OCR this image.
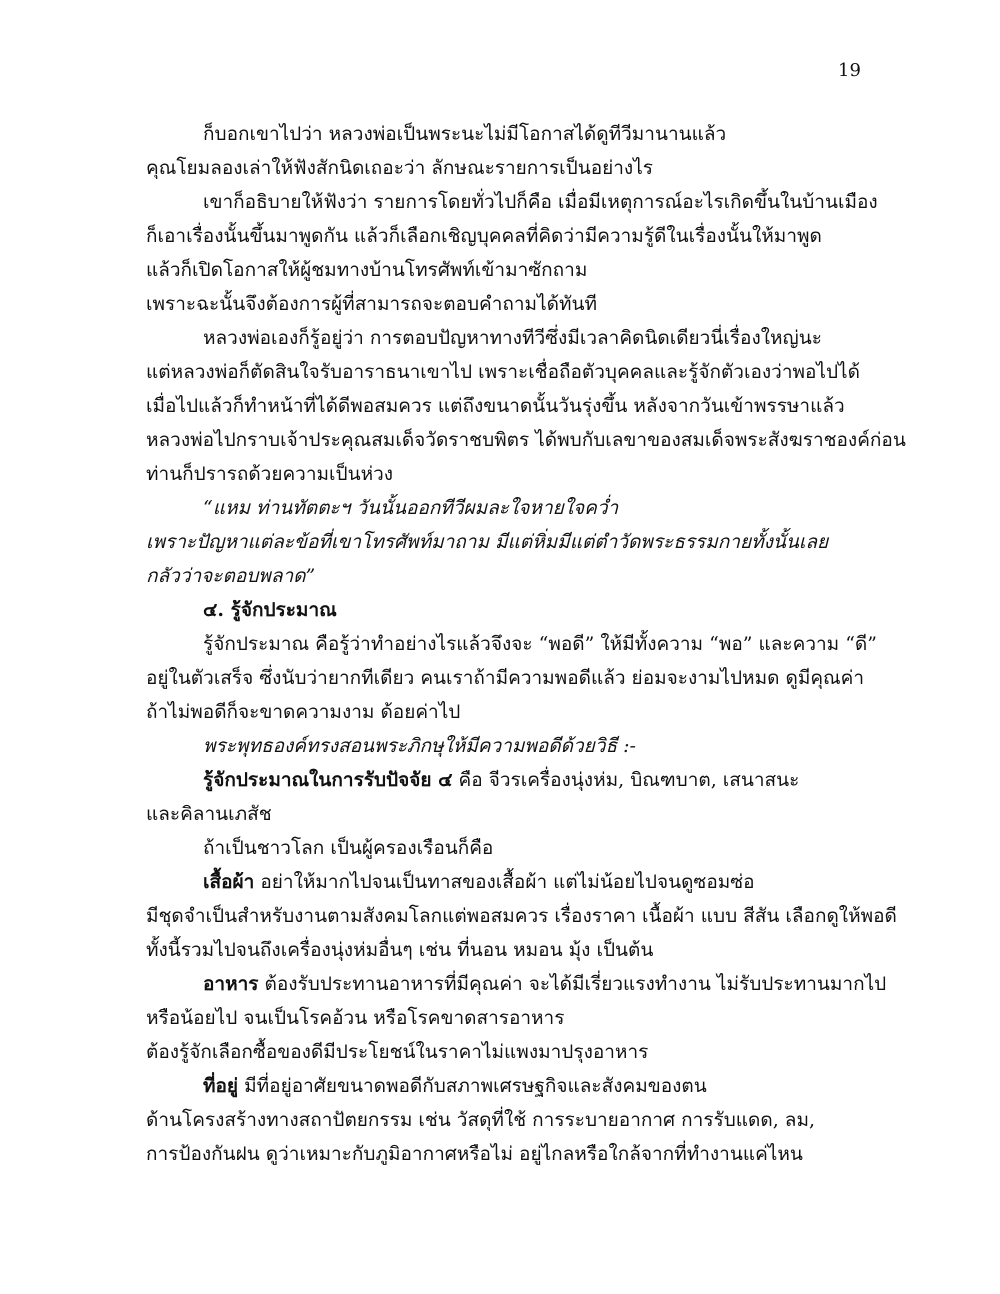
19
ก็บอกเขาไปว่า หลวงพ่อเป็นพระนะไม่มีโอกาสได้ดูทีวีมานานแล้ว
คุณโยมลองเล่าให้ฟังสักนิดเถอะว่า ลักษณะรายการเป็นอย่างไร
เขาก็อธิบายให้ฟังว่า รายการโดยทั่วไปก็คือ เมื่อมีเหตุการณ์อะไรเกิดขึ้นในบ้านเมือง
ก็เอาเรื่องนั้นขึ้นมาพูดกัน แล้วก็เลือกเชิญบุคคลที่คิดว่ามีความรู้ดีในเรื่องนั้นให้มาพูด
แล้วก็เปิดโอกาสให้ผู้ชมทางบ้านโทรศัพท์เข้ามาซักถาม
เพราะฉะนั้นจึงต้องการผู้ที่สามารถจะตอบคำถามได้ทันที
หลวงพ่อเองก็รู้อยู่ว่า การตอบปัญหาทางทีวีซึ่งมีเวลาคิดนิดเดียวนี่เรื่องใหญ่นะ
แต่หลวงพ่อก็ตัดสินใจรับอาราธนาเขาไป เพราะเชื่อถือตัวบุคคลและรู้จักตัวเองว่าพอไปได้
เมื่อไปแล้วก็ทำหน้าที่ได้ดีพอสมควร แต่ถึงขนาดนั้นวันรุ่งขึ้น หลังจากวันเข้าพรรษาแล้ว
หลวงพ่อไปกราบเจ้าประคุณสมเด็จวัดราชบพิตร ได้พบกับเลขาของสมเด็จพระสังฆราชองค์ก่อน
ท่านก็ปรารถด้วยความเป็นห่วง
“แหม ท่านทัตตะฯ วันนั้นออกทีวีผมละใจหายใจคว่ำ
เพราะปัญหาแต่ละข้อที่เขาโทรศัพท์มาถาม มีแต่หิ่มมีแต่ตำวัดพระธรรมกายทั้งนั้นเลย
กลัวว่าจะตอบพลาด”
๔. รู้จักประมาณ
รู้จักประมาณ คือรู้ว่าทำอย่างไรแล้วจึงจะ “พอดี” ให้มีทั้งความ “พอ” และความ “ดี”
อยู่ในตัวเสร็จ ซึ่งนับว่ายากทีเดียว คนเราถ้ามีความพอดีแล้ว ย่อมจะงามไปหมด ดูมีคุณค่า
ถ้าไม่พอดีก็จะขาดความงาม ด้อยค่าไป
พระพุทธองค์ทรงสอนพระภิกษุให้มีความพอดีด้วยวิธี :-
รู้จักประมาณในการรับปัจจัย ๔ คือ จีวรเครื่องนุ่งห่ม, บิณฑบาต, เสนาสนะ
และคิลานเภสัช
ถ้าเป็นชาวโลก เป็นผู้ครองเรือนก็คือ
เสื้อผ้า อย่าให้มากไปจนเป็นทาสของเสื้อผ้า แต่ไม่น้อยไปจนดูซอมซ่อ
มีชุดจำเป็นสำหรับงานตามสังคมโลกแต่พอสมควร เรื่องราคา เนื้อผ้า แบบ สีสัน เลือกดูให้พอดี
ทั้งนี้รวมไปจนถึงเครื่องนุ่งห่มอื่นๆ เช่น ที่นอน หมอน มุ้ง เป็นต้น
อาหาร ต้องรับประทานอาหารที่มีคุณค่า จะได้มีเรี่ยวแรงทำงาน ไม่รับประทานมากไป
หรือน้อยไป จนเป็นโรคอ้วน หรือโรคขาดสารอาหาร
ต้องรู้จักเลือกซื้อของดีมีประโยชน์ในราคาไม่แพงมาปรุงอาหาร
ที่อยู่ มีที่อยู่อาศัยขนาดพอดีกับสภาพเศรษฐกิจและสังคมของตน
ด้านโครงสร้างทางสถาปัตยกรรม เช่น วัสดุที่ใช้ การระบายอากาศ การรับแดด, ลม,
การป้องกันฝน ดูว่าเหมาะกับภูมิอากาศหรือไม่ อยู่ไกลหรือใกล้จากที่ทำงานแค่ไหน
